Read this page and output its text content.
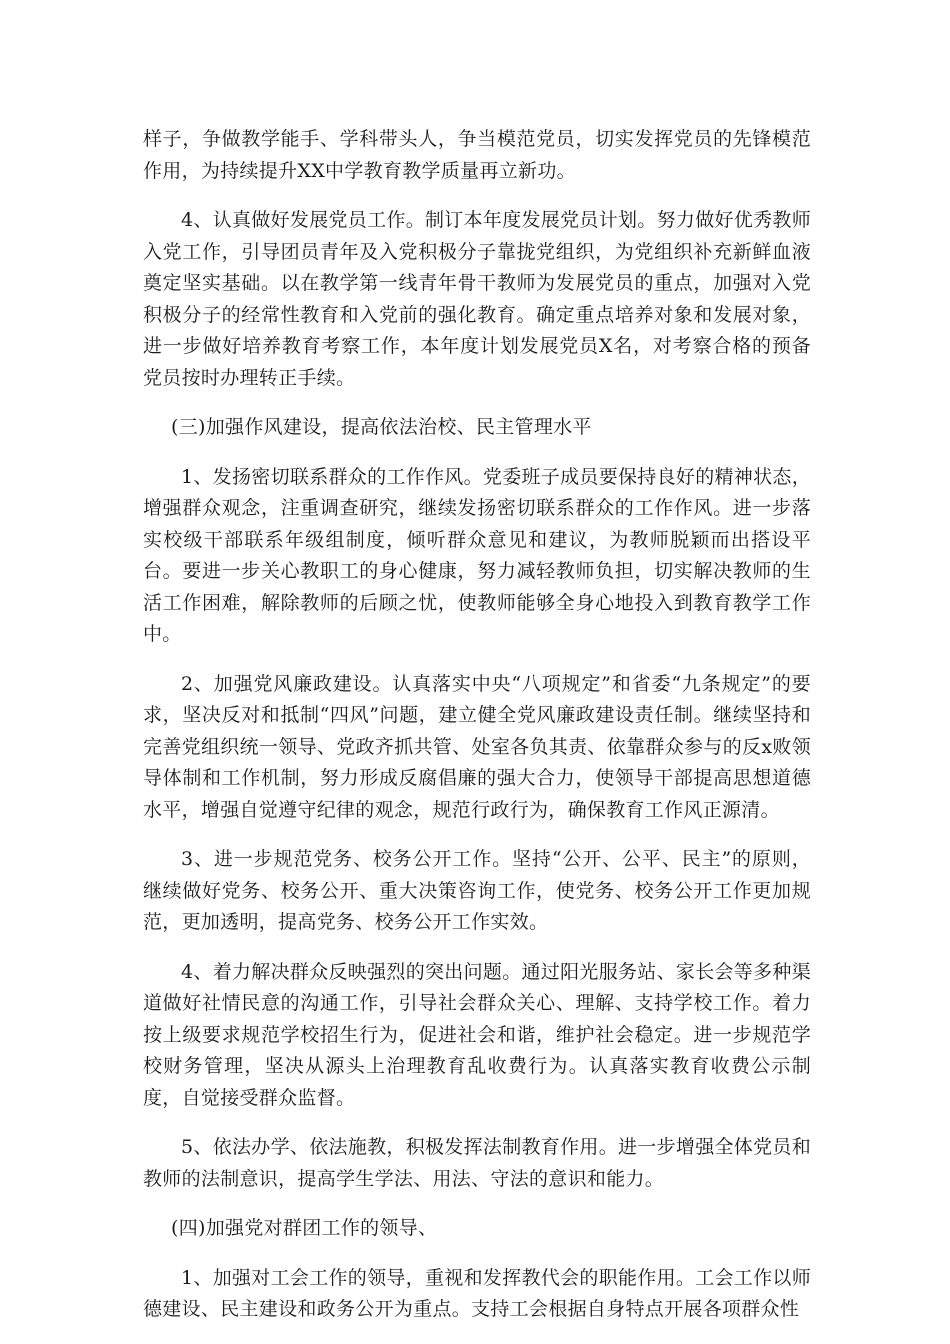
样子，争做教学能手、学科带头人，争当模范党员，切实发挥党员的先锋模范作用，为持续提升XX中学教育教学质量再立新功。

4、认真做好发展党员工作。制订本年度发展党员计划。努力做好优秀教师入党工作，引导团员青年及入党积极分子靠拢党组织，为党组织补充新鲜血液奠定坚实基础。以在教学第一线青年骨干教师为发展党员的重点，加强对入党积极分子的经常性教育和入党前的强化教育。确定重点培养对象和发展对象，进一步做好培养教育考察工作，本年度计划发展党员X名，对考察合格的预备党员按时办理转正手续。

(三)加强作风建设，提高依法治校、民主管理水平

1、发扬密切联系群众的工作作风。党委班子成员要保持良好的精神状态，增强群众观念，注重调查研究，继续发扬密切联系群众的工作作风。进一步落实校级干部联系年级组制度，倾听群众意见和建议，为教师脱颖而出搭设平台。要进一步关心教职工的身心健康，努力减轻教师负担，切实解决教师的生活工作困难，解除教师的后顾之忧，使教师能够全身心地投入到教育教学工作中。

2、加强党风廉政建设。认真落实中央“八项规定”和省委“九条规定”的要求，坚决反对和抵制“四风”问题，建立健全党风廉政建设责任制。继续坚持和完善党组织统一领导、党政齐抓共管、处室各负其责、依靠群众参与的反x败领导体制和工作机制，努力形成反腐倡廉的强大合力，使领导干部提高思想道德水平，增强自觉遵守纪律的观念，规范行政行为，确保教育工作风正源清。

3、进一步规范党务、校务公开工作。坚持“公开、公平、民主”的原则，继续做好党务、校务公开、重大决策咨询工作，使党务、校务公开工作更加规范，更加透明，提高党务、校务公开工作实效。

4、着力解决群众反映强烈的突出问题。通过阳光服务站、家长会等多种渠道做好社情民意的沟通工作，引导社会群众关心、理解、支持学校工作。着力按上级要求规范学校招生行为，促进社会和谐，维护社会稳定。进一步规范学校财务管理，坚决从源头上治理教育乱收费行为。认真落实教育收费公示制度，自觉接受群众监督。

5、依法办学、依法施教，积极发挥法制教育作用。进一步增强全体党员和教师的法制意识，提高学生学法、用法、守法的意识和能力。

(四)加强党对群团工作的领导、

1、加强对工会工作的领导，重视和发挥教代会的职能作用。工会工作以师德建设、民主建设和政务公开为重点。支持工会根据自身特点开展各项群众性
